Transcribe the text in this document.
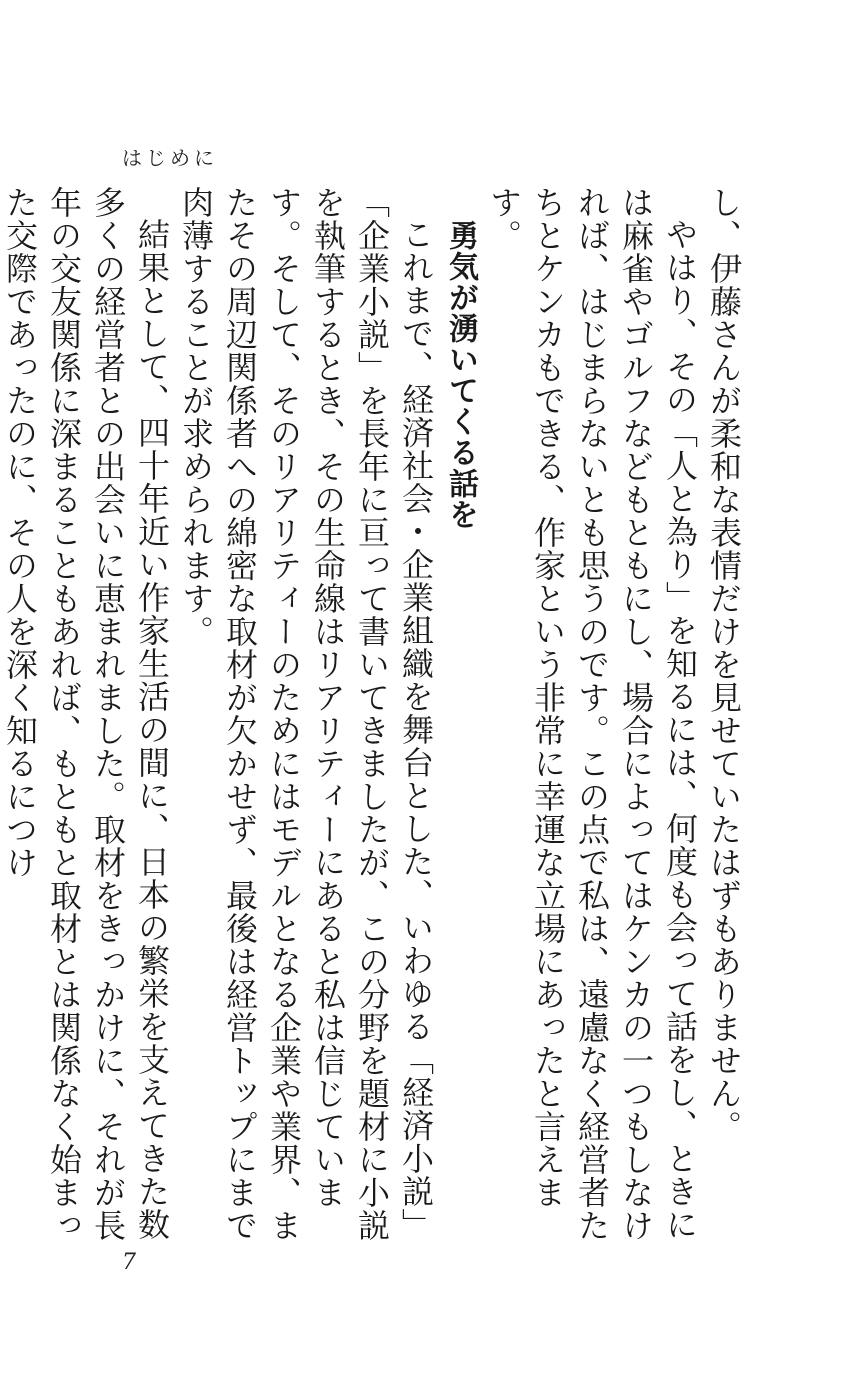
はじめに

し、伊藤さんが柔和な表情だけを見せていたはずもありません。

やはり、その「人と為り」を知るには、何度も会って話をし、ときには麻雀やゴルフなどもともにし、場合によってはケンカの一つもしなければ、はじまらないとも思うのです。この点で私は、遠慮なく経営者たちとケンカもできる、作家という非常に幸運な立場にあったと言えます。

勇気が湧いてくる話を

これまで、経済社会・企業組織を舞台とした、いわゆる「経済小説」「企業小説」を長年に亘って書いてきましたが、この分野を題材に小説を執筆するとき、その生命線はリアリティーにあると私は信じています。そして、そのリアリティーのためにはモデルとなる企業や業界、またその周辺関係者への綿密な取材が欠かせず、最後は経営トップにまで肉薄することが求められます。

結果として、四十年近い作家生活の間に、日本の繁栄を支えてきた数多くの経営者との出会いに恵まれました。取材をきっかけに、それが長年の交友関係に深まることもあれば、もともと取材とは関係なく始まった交際であったのに、その人を深く知るにつけ

7
